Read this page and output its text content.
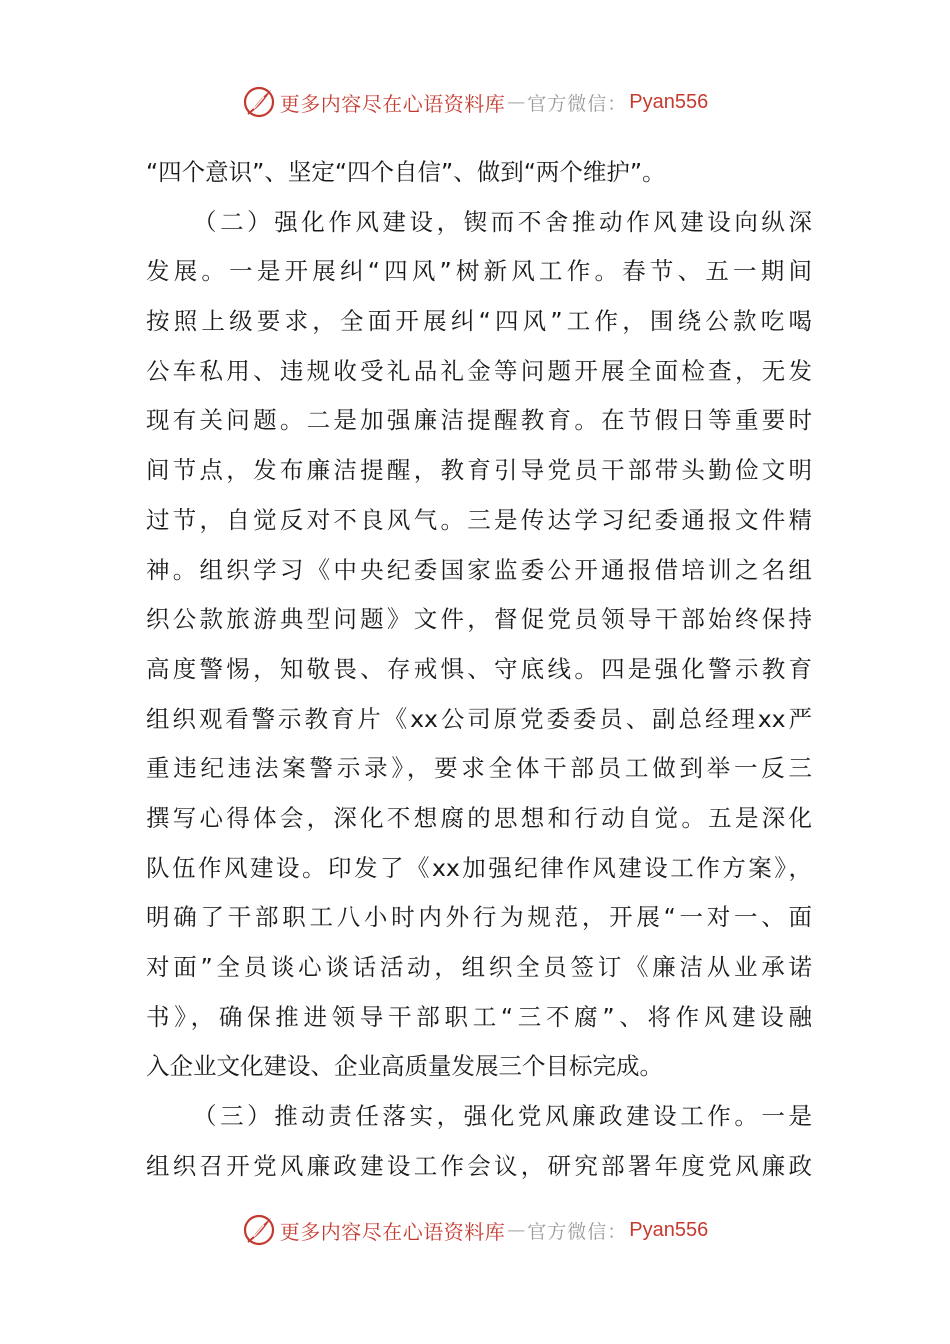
更多内容尽在心语资料库 — 官方微信： Pyan556
“四个意识”、坚定“四个自信”、做到“两个维护”。
（二）强化作风建设，锲而不舍推动作风建设向纵深
发展。一是开展纠“四风”树新风工作。春节、五一期间
按照上级要求，全面开展纠“四风”工作，围绕公款吃喝
公车私用、违规收受礼品礼金等问题开展全面检查，无发
现有关问题。二是加强廉洁提醒教育。在节假日等重要时
间节点，发布廉洁提醒，教育引导党员干部带头勤俭文明
过节，自觉反对不良风气。三是传达学习纪委通报文件精
神。组织学习《中央纪委国家监委公开通报借培训之名组
织公款旅游典型问题》文件，督促党员领导干部始终保持
高度警惕，知敬畏、存戒惧、守底线。四是强化警示教育
组织观看警示教育片《xx公司原党委委员、副总经理xx严
重违纪违法案警示录》，要求全体干部员工做到举一反三
撰写心得体会，深化不想腐的思想和行动自觉。五是深化
队伍作风建设。印发了《xx加强纪律作风建设工作方案》，
明确了干部职工八小时内外行为规范，开展“一对一、面
对面”全员谈心谈话活动，组织全员签订《廉洁从业承诺
书》，确保推进领导干部职工“三不腐”、将作风建设融
入企业文化建设、企业高质量发展三个目标完成。
（三）推动责任落实，强化党风廉政建设工作。一是
组织召开党风廉政建设工作会议，研究部署年度党风廉政
更多内容尽在心语资料库 — 官方微信： Pyan556
